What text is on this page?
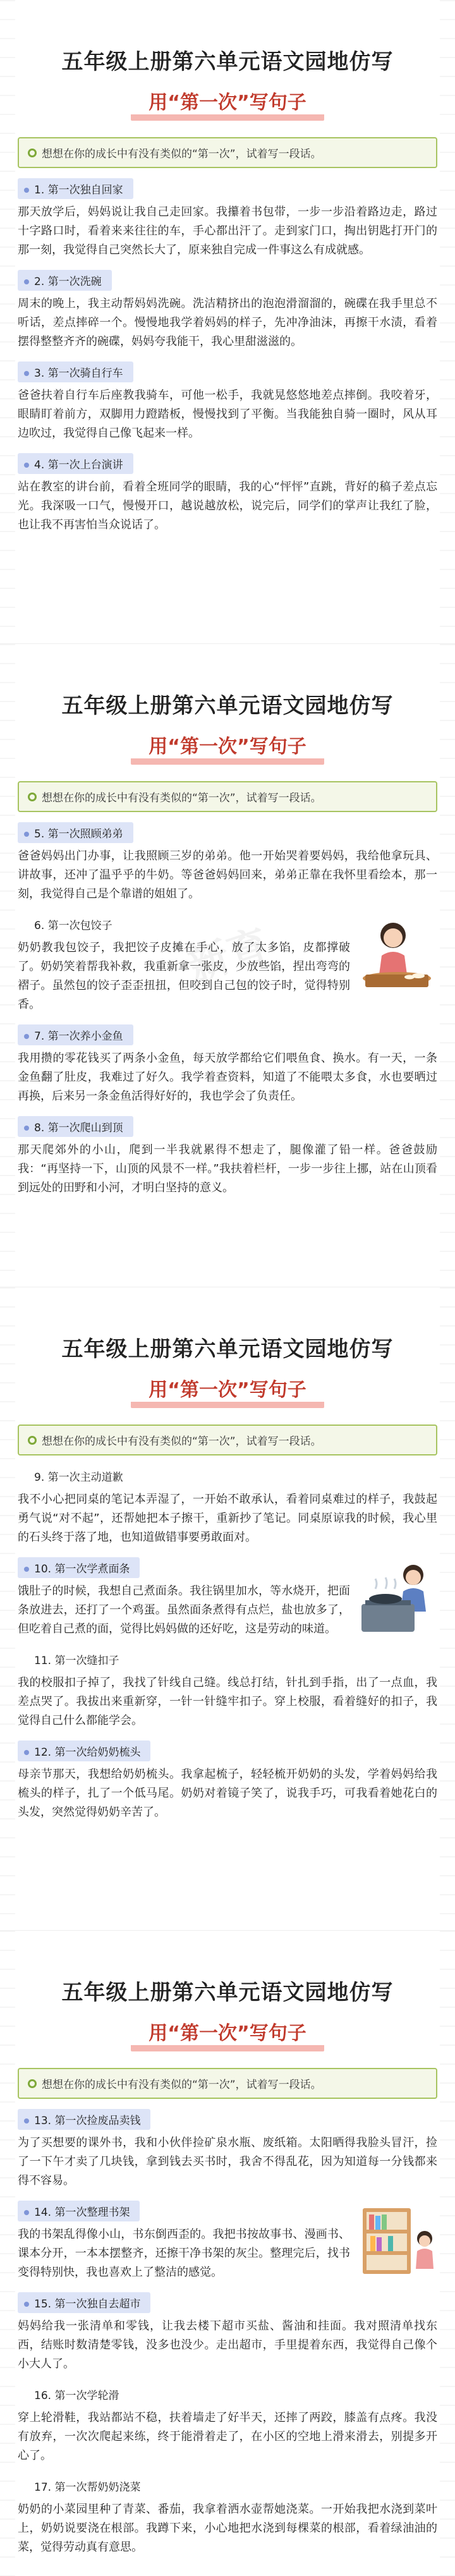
五年级上册第六单元语文园地仿写
用“第一次”写句子
想想在你的成长中有没有类似的“第一次”，试着写一段话。
1. 第一次独自回家

那天放学后，妈妈说让我自己走回家。我攥着书包带，一步一步沿着路边走，路过十字路口时，看着来来往往的车，手心都出汗了。走到家门口，掏出钥匙打开门的那一刻，我觉得自己突然长大了，原来独自完成一件事这么有成就感。

2. 第一次洗碗

周末的晚上，我主动帮妈妈洗碗。洗洁精挤出的泡泡滑溜溜的，碗碟在我手里总不听话，差点摔碎一个。慢慢地我学着妈妈的样子，先冲净油沫，再擦干水渍，看着摆得整整齐齐的碗碟，妈妈夸我能干，我心里甜滋滋的。

3. 第一次骑自行车

爸爸扶着自行车后座教我骑车，可他一松手，我就晃悠悠地差点摔倒。我咬着牙，眼睛盯着前方，双脚用力蹬踏板，慢慢找到了平衡。当我能独自骑一圈时，风从耳边吹过，我觉得自己像飞起来一样。

4. 第一次上台演讲

站在教室的讲台前，看着全班同学的眼睛，我的心“怦怦”直跳，背好的稿子差点忘光。我深吸一口气，慢慢开口，越说越放松，说完后，同学们的掌声让我红了脸，也让我不再害怕当众说话了。

新育
五年级上册第六单元语文园地仿写
用“第一次”写句子
想想在你的成长中有没有类似的“第一次”，试着写一段话。
5. 第一次照顾弟弟

爸爸妈妈出门办事，让我照顾三岁的弟弟。他一开始哭着要妈妈，我给他拿玩具、讲故事，还冲了温乎乎的牛奶。等爸爸妈妈回来，弟弟正靠在我怀里看绘本，那一刻，我觉得自己是个靠谱的姐姐了。

6. 第一次包饺子

奶奶教我包饺子，我把饺子皮摊在手心，放了太多馅，皮都撑破了。奶奶笑着帮我补救，我重新拿一张皮，少放些馅，捏出弯弯的褶子。虽然包的饺子歪歪扭扭，但咬到自己包的饺子时，觉得特别香。

7. 第一次养小金鱼

我用攒的零花钱买了两条小金鱼，每天放学都给它们喂鱼食、换水。有一天，一条金鱼翻了肚皮，我难过了好久。我学着查资料，知道了不能喂太多食，水也要晒过再换，后来另一条金鱼活得好好的，我也学会了负责任。

8. 第一次爬山到顶

那天爬郊外的小山，爬到一半我就累得不想走了，腿像灌了铅一样。爸爸鼓励我：“再坚持一下，山顶的风景不一样。”我扶着栏杆，一步一步往上挪，站在山顶看到远处的田野和小河，才明白坚持的意义。

五年级上册第六单元语文园地仿写
用“第一次”写句子
想想在你的成长中有没有类似的“第一次”，试着写一段话。
9. 第一次主动道歉

我不小心把同桌的笔记本弄湿了，一开始不敢承认，看着同桌难过的样子，我鼓起勇气说“对不起”，还帮她把本子擦干，重新抄了笔记。同桌原谅我的时候，我心里的石头终于落了地，也知道做错事要勇敢面对。

10. 第一次学煮面条

饿肚子的时候，我想自己煮面条。我往锅里加水，等水烧开，把面条放进去，还打了一个鸡蛋。虽然面条煮得有点烂，盐也放多了，但吃着自己煮的面，觉得比妈妈做的还好吃，这是劳动的味道。

11. 第一次缝扣子

我的校服扣子掉了，我找了针线自己缝。线总打结，针扎到手指，出了一点血，我差点哭了。我拔出来重新穿，一针一针缝牢扣子。穿上校服，看着缝好的扣子，我觉得自己什么都能学会。

12. 第一次给奶奶梳头

母亲节那天，我想给奶奶梳头。我拿起梳子，轻轻梳开奶奶的头发，学着妈妈给我梳头的样子，扎了一个低马尾。奶奶对着镜子笑了，说我手巧，可我看着她花白的头发，突然觉得奶奶辛苦了。

五年级上册第六单元语文园地仿写
用“第一次”写句子
想想在你的成长中有没有类似的“第一次”，试着写一段话。
13. 第一次捡废品卖钱

为了买想要的课外书，我和小伙伴捡矿泉水瓶、废纸箱。太阳晒得我脸头冒汗，捡了一下午才卖了几块钱，拿到钱去买书时，我舍不得乱花，因为知道每一分钱都来得不容易。

14. 第一次整理书架

我的书架乱得像小山，书东倒西歪的。我把书按故事书、漫画书、课本分开，一本本摆整齐，还擦干净书架的灰尘。整理完后，找书变得特别快，我也喜欢上了整洁的感觉。

15. 第一次独自去超市

妈妈给我一张清单和零钱，让我去楼下超市买盐、酱油和挂面。我对照清单找东西，结账时数清楚零钱，没多也没少。走出超市，手里提着东西，我觉得自己像个小大人了。

16. 第一次学轮滑

穿上轮滑鞋，我站都站不稳，扶着墙走了好半天，还摔了两跤，膝盖有点疼。我没有放弃，一次次爬起来练，终于能滑着走了，在小区的空地上滑来滑去，别提多开心了。

17. 第一次帮奶奶浇菜

奶奶的小菜园里种了青菜、番茄，我拿着洒水壶帮她浇菜。一开始我把水浇到菜叶上，奶奶说要浇在根部。我蹲下来，小心地把水浇到每棵菜的根部，看着绿油油的菜，觉得劳动真有意思。
